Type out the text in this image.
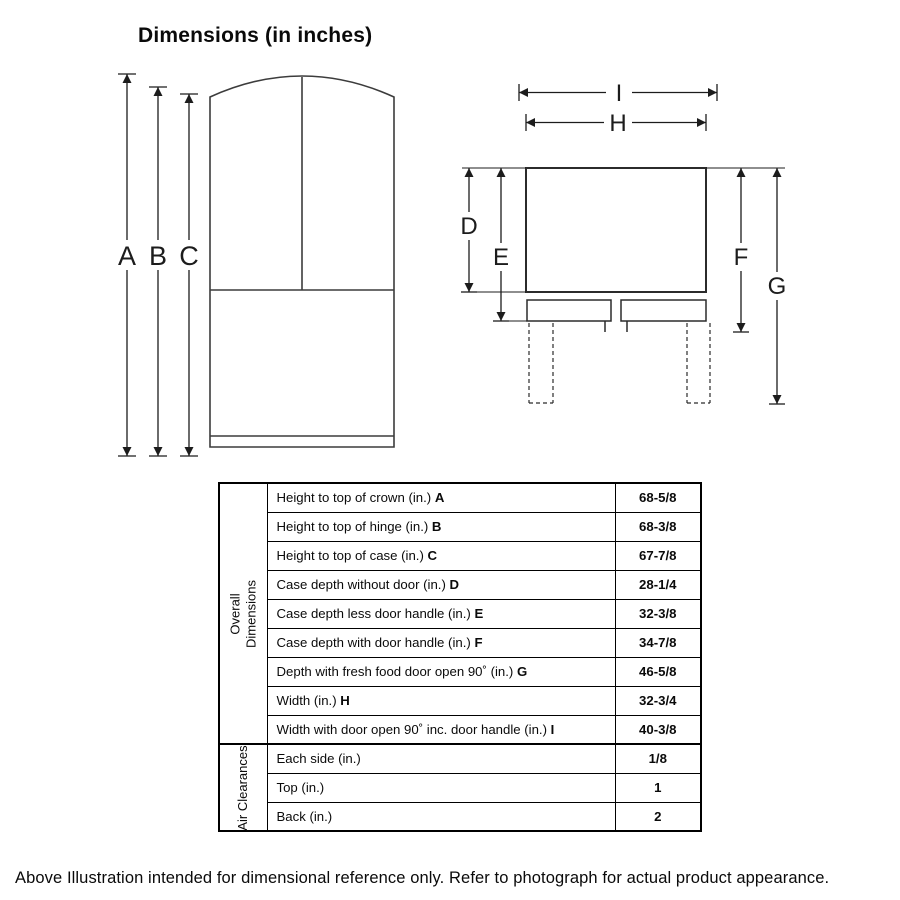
Dimensions (in inches)
A B C
I
H
D
E	F
G
Overall Dimensions	Height to top of crown (in.) A	68-5/8
	Height to top of hinge (in.) B	68-3/8
	Height to top of case (in.) C	67-7/8
	Case depth without door (in.) D	28-1/4
	Case depth less door handle (in.) E	32-3/8
	Case depth with door handle (in.) F	34-7/8
	Depth with fresh food door open 90˚ (in.) G	46-5/8
	Width (in.) H	32-3/4
	Width with door open 90˚ inc. door handle (in.) I	40-3/8

Air Clearances	Each side (in.)	1/8
	Top (in.)	1
	Back (in.)	2
Above Illustration intended for dimensional reference only. Refer to photograph for actual product appearance.
